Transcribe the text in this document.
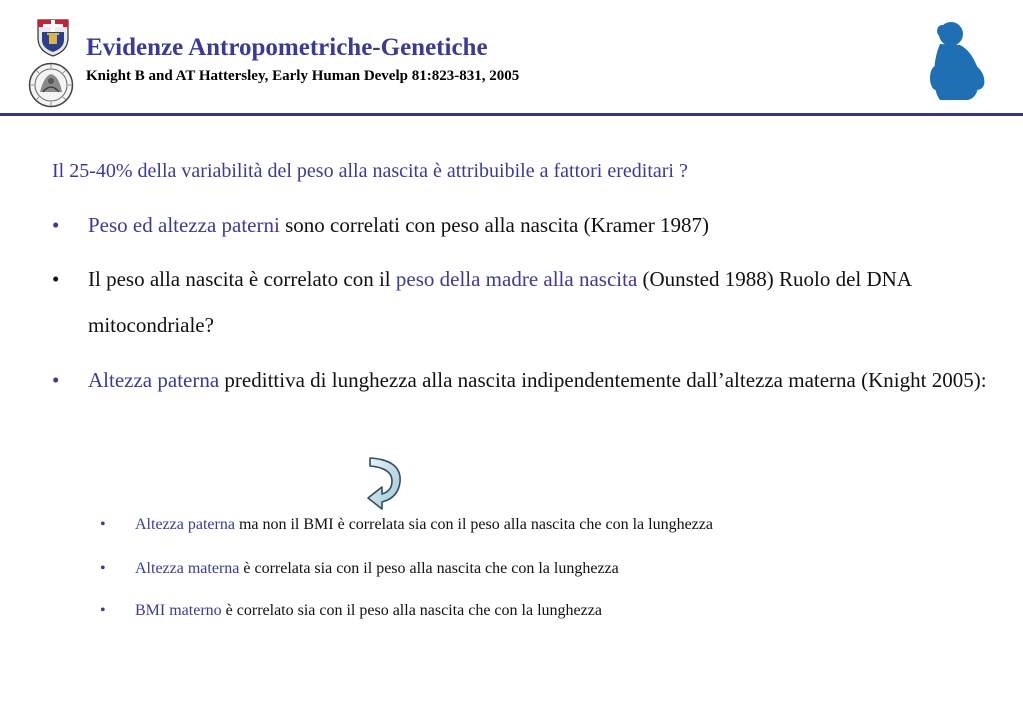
Evidenze Antropometriche-Genetiche
Knight B and AT Hattersley, Early Human Develp 81:823-831, 2005
Il 25-40% della variabilità del peso alla nascita è attribuibile a fattori ereditari ?
• Peso ed altezza paterni sono correlati con peso alla nascita (Kramer 1987)
• Il peso alla nascita è correlato con il peso della madre alla nascita (Ounsted 1988) Ruolo del DNA mitocondriale?
• Altezza paterna predittiva di lunghezza alla nascita indipendentemente dall’altezza materna (Knight 2005):
• Altezza paterna ma non il BMI è correlata sia con il peso alla nascita che con la lunghezza
• Altezza materna è correlata sia con il peso alla nascita che con la lunghezza
• BMI materno è correlato sia con il peso alla nascita che con la lunghezza
